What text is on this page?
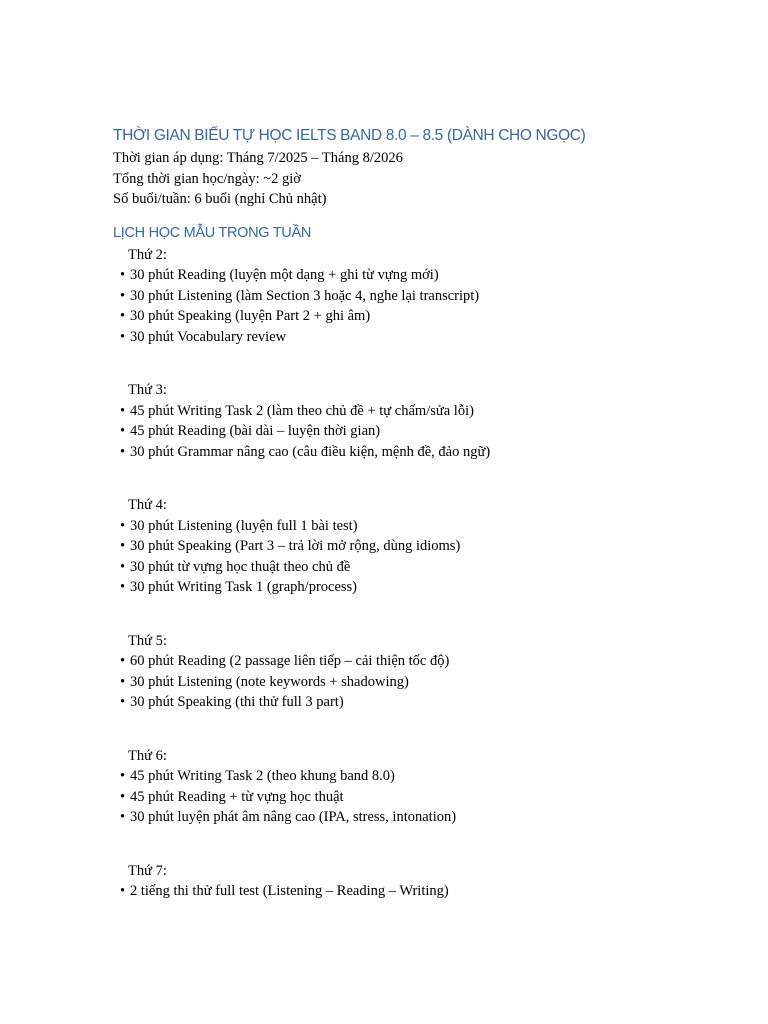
THỜI GIAN BIỂU TỰ HỌC IELTS BAND 8.0 – 8.5 (DÀNH CHO NGỌC)
Thời gian áp dụng: Tháng 7/2025 – Tháng 8/2026
Tổng thời gian học/ngày: ~2 giờ
Số buổi/tuần: 6 buổi (nghỉ Chủ nhật)
LỊCH HỌC MẪU TRONG TUẦN
Thứ 2:
• 30 phút Reading (luyện một dạng + ghi từ vựng mới)
• 30 phút Listening (làm Section 3 hoặc 4, nghe lại transcript)
• 30 phút Speaking (luyện Part 2 + ghi âm)
• 30 phút Vocabulary review
Thứ 3:
• 45 phút Writing Task 2 (làm theo chủ đề + tự chấm/sửa lỗi)
• 45 phút Reading (bài dài – luyện thời gian)
• 30 phút Grammar nâng cao (câu điều kiện, mệnh đề, đảo ngữ)
Thứ 4:
• 30 phút Listening (luyện full 1 bài test)
• 30 phút Speaking (Part 3 – trả lời mở rộng, dùng idioms)
• 30 phút từ vựng học thuật theo chủ đề
• 30 phút Writing Task 1 (graph/process)
Thứ 5:
• 60 phút Reading (2 passage liên tiếp – cải thiện tốc độ)
• 30 phút Listening (note keywords + shadowing)
• 30 phút Speaking (thi thử full 3 part)
Thứ 6:
• 45 phút Writing Task 2 (theo khung band 8.0)
• 45 phút Reading + từ vựng học thuật
• 30 phút luyện phát âm nâng cao (IPA, stress, intonation)
Thứ 7:
• 2 tiếng thi thử full test (Listening – Reading – Writing)
